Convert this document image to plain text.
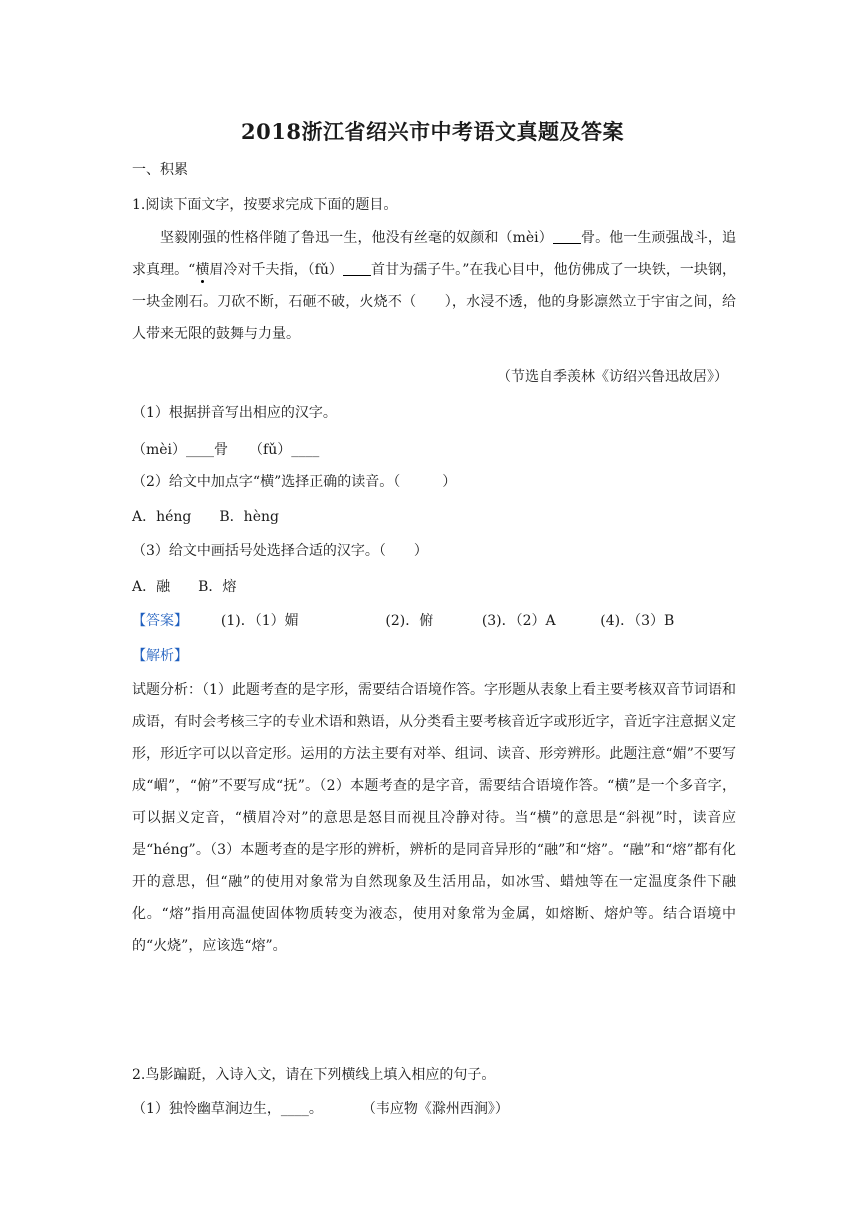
2018浙江省绍兴市中考语文真题及答案
一、积累
1.阅读下面文字，按要求完成下面的题目。
坚毅刚强的性格伴随了鲁迅一生，他没有丝毫的奴颜和（mèi） 骨。他一生顽强战斗，追求真理。“横眉冷对千夫指，（fǔ） 首甘为孺子牛。”在我心目中，他仿佛成了一块铁，一块钢，一块金刚石。刀砍不断，石砸不破，火烧不（　　），水浸不透，他的身影凛然立于宇宙之间，给人带来无限的鼓舞与力量。
（节选自季羡林《访绍兴鲁迅故居》）
（1）根据拼音写出相应的汉字。
（mèi）____骨　　（fǔ）____
（2）给文中加点字“横”选择正确的读音。（　　　）
A．héng　　B．hèng
（3）给文中画括号处选择合适的汉字。（　　）
A．融　　B．熔
【答案】 (1)．（1）媚	(2)．俯	(3)．（2）A	(4)．（3）B
【解析】
试题分析：（1）此题考查的是字形，需要结合语境作答。字形题从表象上看主要考核双音节词语和成语，有时会考核三字的专业术语和熟语，从分类看主要考核音近字或形近字，音近字注意据义定形，形近字可以以音定形。运用的方法主要有对举、组词、读音、形旁辨形。此题注意“媚”不要写成“嵋”，“俯”不要写成“抚”。（2）本题考查的是字音，需要结合语境作答。“横”是一个多音字，可以据义定音，“横眉冷对”的意思是怒目而视且冷静对待。当“横”的意思是“斜视”时，读音应是“héng”。（3）本题考查的是字形的辨析，辨析的是同音异形的“融”和“熔”。“融”和“熔”都有化开的意思，但“融”的使用对象常为自然现象及生活用品，如冰雪、蜡烛等在一定温度条件下融化。“熔”指用高温使固体物质转变为液态，使用对象常为金属，如熔断、熔炉等。结合语境中的“火烧”，应该选“熔”。
2.鸟影蹁跹，入诗入文，请在下列横线上填入相应的句子。
（1）独怜幽草涧边生，____。	（韦应物《滁州西涧》）
